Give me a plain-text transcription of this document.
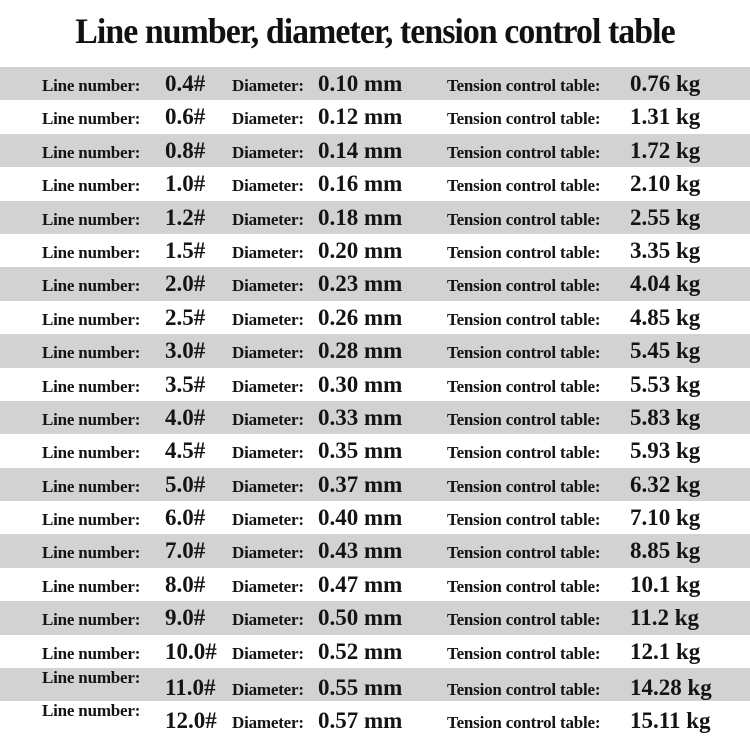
Line number, diameter, tension control table
Line number:	0.4#	Diameter: 0.10 mm	Tension control table:	0.76 kg
Line number:	0.6#	Diameter: 0.12 mm	Tension control table:	1.31 kg
Line number:	0.8#	Diameter: 0.14 mm	Tension control table:	1.72 kg
Line number:	1.0#	Diameter: 0.16 mm	Tension control table:	2.10 kg
Line number:	1.2#	Diameter: 0.18 mm	Tension control table:	2.55 kg
Line number:	1.5#	Diameter: 0.20 mm	Tension control table:	3.35 kg
Line number:	2.0#	Diameter: 0.23 mm	Tension control table:	4.04 kg
Line number:	2.5#	Diameter: 0.26 mm	Tension control table:	4.85 kg
Line number:	3.0#	Diameter: 0.28 mm	Tension control table:	5.45 kg
Line number:	3.5#	Diameter: 0.30 mm	Tension control table:	5.53 kg
Line number:	4.0#	Diameter: 0.33 mm	Tension control table:	5.83 kg
Line number:	4.5#	Diameter: 0.35 mm	Tension control table:	5.93 kg
Line number:	5.0#	Diameter: 0.37 mm	Tension control table:	6.32 kg
Line number:	6.0#	Diameter: 0.40 mm	Tension control table:	7.10 kg
Line number:	7.0#	Diameter: 0.43 mm	Tension control table:	8.85 kg
Line number:	8.0#	Diameter: 0.47 mm	Tension control table:	10.1 kg
Line number:	9.0#	Diameter: 0.50 mm	Tension control table:	11.2 kg
Line number:	10.0# Diameter: 0.52 mm	Tension control table:	12.1 kg
Line number:	11.0# Diameter: 0.55 mm	Tension control table:	14.28 kg
Line number:	12.0# Diameter: 0.57 mm	Tension control table:	15.11 kg
